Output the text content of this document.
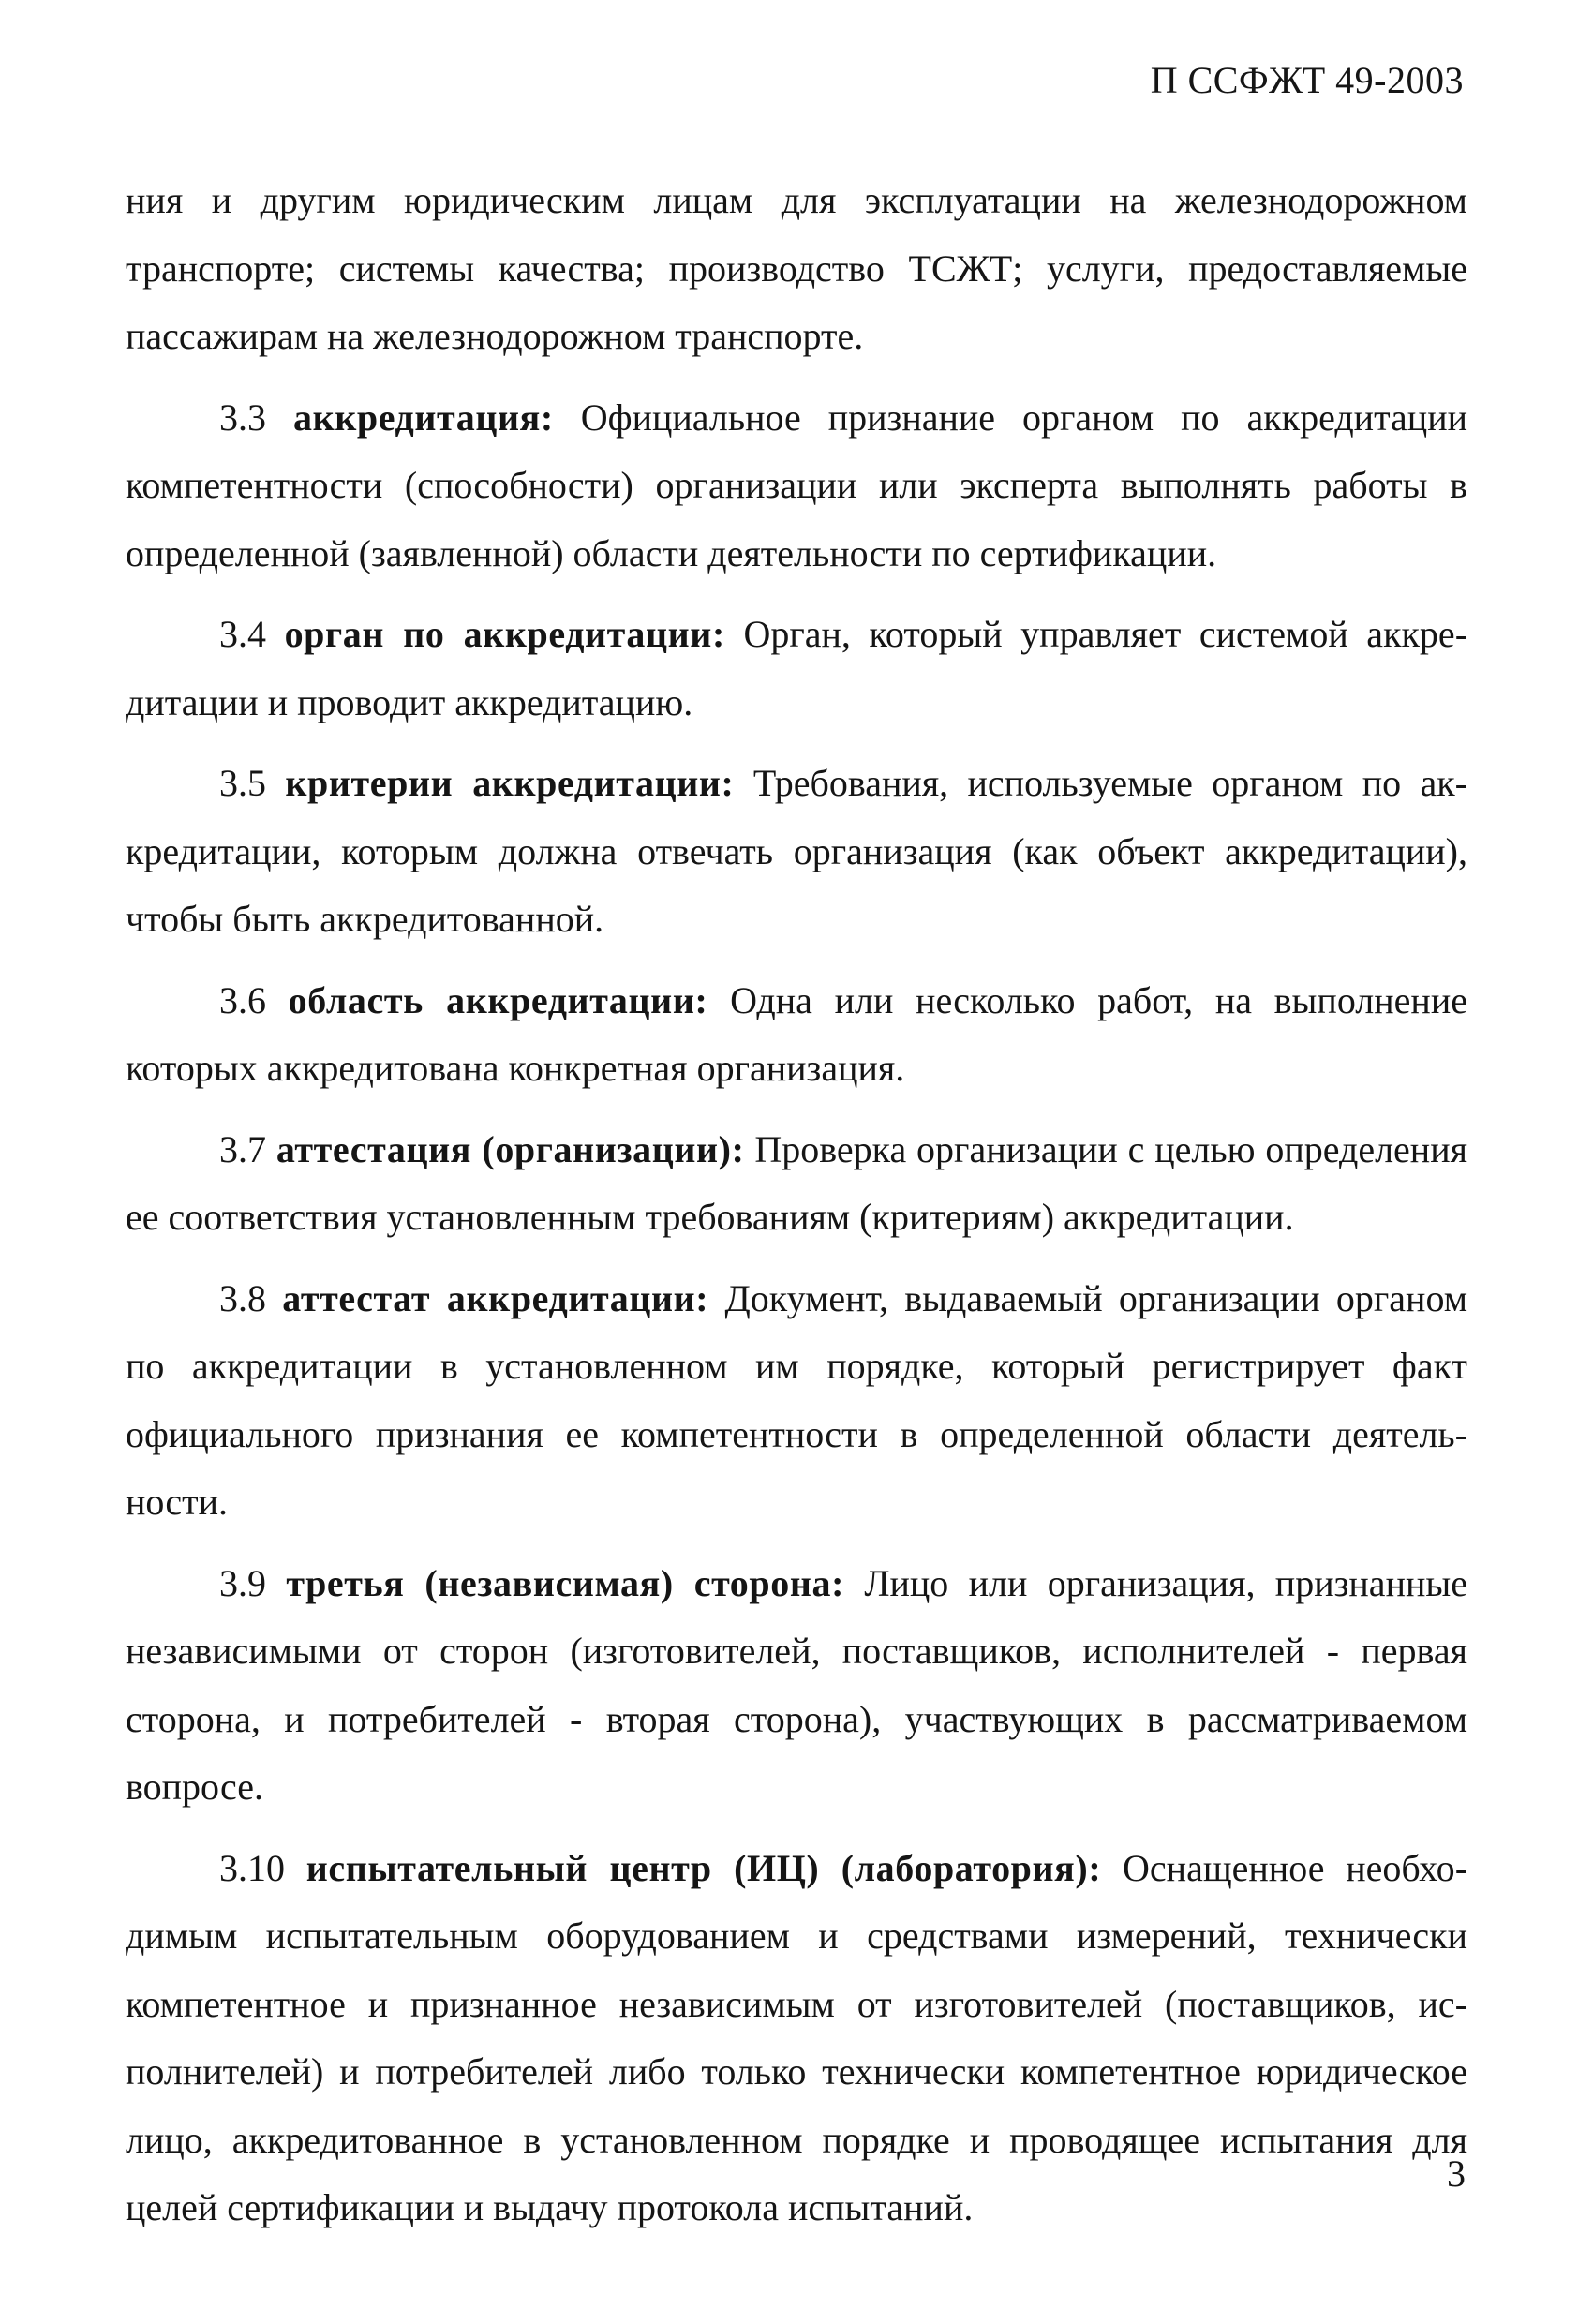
П ССФЖТ 49-2003

ния и другим юридическим лицам для эксплуатации на железнодорожном транспорте; системы качества; производство ТСЖТ; услуги, предоставляемые пассажирам на железнодорожном транспорте.

3.3 аккредитация: Официальное признание органом по аккредитации компетентности (способности) организации или эксперта выполнять работы в определенной (заявленной) области деятельности по сертификации.

3.4 орган по аккредитации: Орган, который управляет системой аккредитации и проводит аккредитацию.

3.5 критерии аккредитации: Требования, используемые органом по аккредитации, которым должна отвечать организация (как объект аккредитации), чтобы быть аккредитованной.

3.6 область аккредитации: Одна или несколько работ, на выполнение которых аккредитована конкретная организация.

3.7 аттестация (организации): Проверка организации с целью определения ее соответствия установленным требованиям (критериям) аккредитации.

3.8 аттестат аккредитации: Документ, выдаваемый организации органом по аккредитации в установленном им порядке, который регистрирует факт официального признания ее компетентности в определенной области деятельности.

3.9 третья (независимая) сторона: Лицо или организация, признанные независимыми от сторон (изготовителей, поставщиков, исполнителей - первая сторона, и потребителей - вторая сторона), участвующих в рассматриваемом вопросе.

3.10 испытательный центр (ИЦ) (лаборатория): Оснащенное необходимым испытательным оборудованием и средствами измерений, технически компетентное и признанное независимым от изготовителей (поставщиков, исполнителей) и потребителей либо только технически компетентное юридическое лицо, аккредитованное в установленном порядке и проводящее испытания для целей сертификации и выдачу протокола испытаний.

3
